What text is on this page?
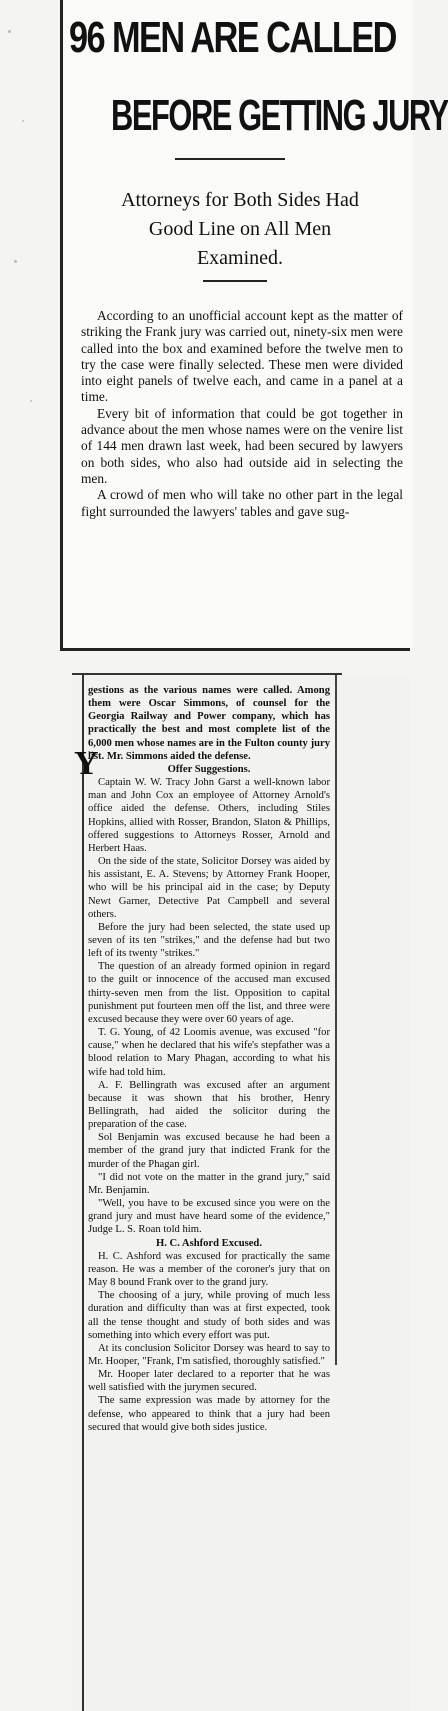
96 MEN ARE CALLED
BEFORE GETTING JURY
Attorneys for Both Sides Had
Good Line on All Men
Examined.

According to an unofficial account kept as the matter of striking the Frank jury was carried out, ninety-six men were called into the box and examined before the twelve men to try the case were finally selected. These men were divided into eight panels of twelve each, and came in a panel at a time.

Every bit of information that could be got together in advance about the men whose names were on the venire list of 144 men drawn last week, had been secured by lawyers on both sides, who also had outside aid in selecting the men.

A crowd of men who will take no other part in the legal fight surrounded the lawyers' tables and gave sug-

Y

gestions as the various names were called. Among them were Oscar Simmons, of counsel for the Georgia Railway and Power company, which has practically the best and most complete list of the 6,000 men whose names are in the Fulton county jury list. Mr. Simmons aided the defense.

Offer Suggestions.

Captain W. W. Tracy John Garst a well-known labor man and John Cox an employee of Attorney Arnold's office aided the defense. Others, including Stiles Hopkins, allied with Rosser, Brandon, Slaton & Phillips, offered suggestions to Attorneys Rosser, Arnold and Herbert Haas.

On the side of the state, Solicitor Dorsey was aided by his assistant, E. A. Stevens; by Attorney Frank Hooper, who will be his principal aid in the case; by Deputy Newt Garner, Detective Pat Campbell and several others.

Before the jury had been selected, the state used up seven of its ten "strikes," and the defense had but two left of its twenty "strikes."

The question of an already formed opinion in regard to the guilt or innocence of the accused man excused thirty-seven men from the list. Opposition to capital punishment put fourteen men off the list, and three were excused because they were over 60 years of age.

T. G. Young, of 42 Loomis avenue, was excused "for cause," when he declared that his wife's stepfather was a blood relation to Mary Phagan, according to what his wife had told him.

A. F. Bellingrath was excused after an argument because it was shown that his brother, Henry Bellingrath, had aided the solicitor during the preparation of the case.

Sol Benjamin was excused because he had been a member of the grand jury that indicted Frank for the murder of the Phagan girl.

"I did not vote on the matter in the grand jury," said Mr. Benjamin.

"Well, you have to be excused since you were on the grand jury and must have heard some of the evidence," Judge L. S. Roan told him.

H. C. Ashford Excused.

H. C. Ashford was excused for practically the same reason. He was a member of the coroner's jury that on May 8 bound Frank over to the grand jury.

The choosing of a jury, while proving of much less duration and difficulty than was at first expected, took all the tense thought and study of both sides and was something into which every effort was put.

At its conclusion Solicitor Dorsey was heard to say to Mr. Hooper, "Frank, I'm satisfied, thoroughly satisfied."

Mr. Hooper later declared to a reporter that he was well satisfied with the jurymen secured.

The same expression was made by attorney for the defense, who appeared to think that a jury had been secured that would give both sides justice.
